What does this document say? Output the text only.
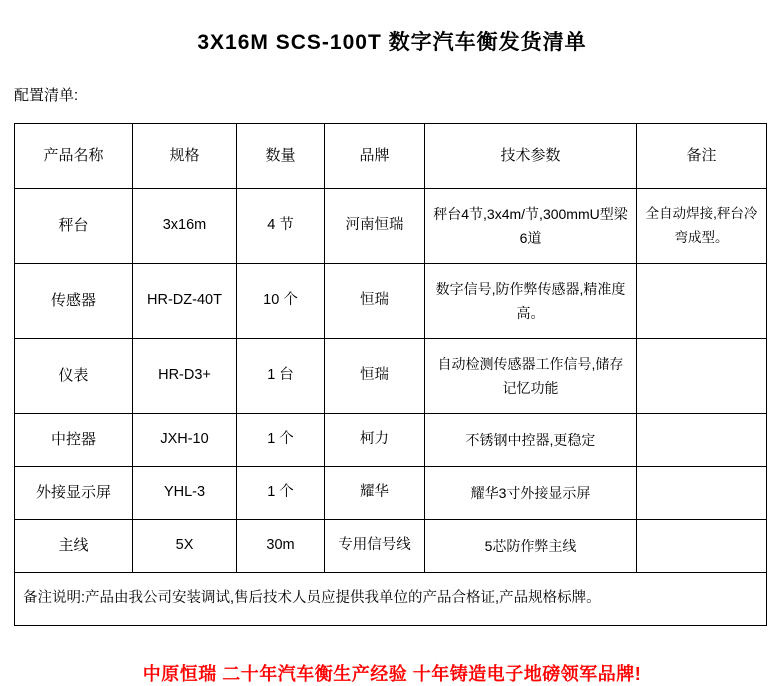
3X16M SCS-100T 数字汽车衡发货清单
配置清单:
产品名称	规格	数量	品牌	技术参数	备注
秤台	3x16m	4 节	河南恒瑞	秤台4节,3x4m/节,300mmU型梁6道	全自动焊接,秤台冷弯成型。
传感器	HR-DZ-40T	10 个	恒瑞	数字信号,防作弊传感器,精准度高。	
仪表	HR-D3+	1 台	恒瑞	自动检测传感器工作信号,储存记忆功能	
中控器	JXH-10	1 个	柯力	不锈钢中控器,更稳定	
外接显示屏	YHL-3	1 个	耀华	耀华3寸外接显示屏	
主线	5X	30m	专用信号线	5芯防作弊主线	
备注说明:产品由我公司安装调试,售后技术人员应提供我单位的产品合格证,产品规格标牌。					
中原恒瑞 二十年汽车衡生产经验 十年铸造电子地磅领军品牌!
